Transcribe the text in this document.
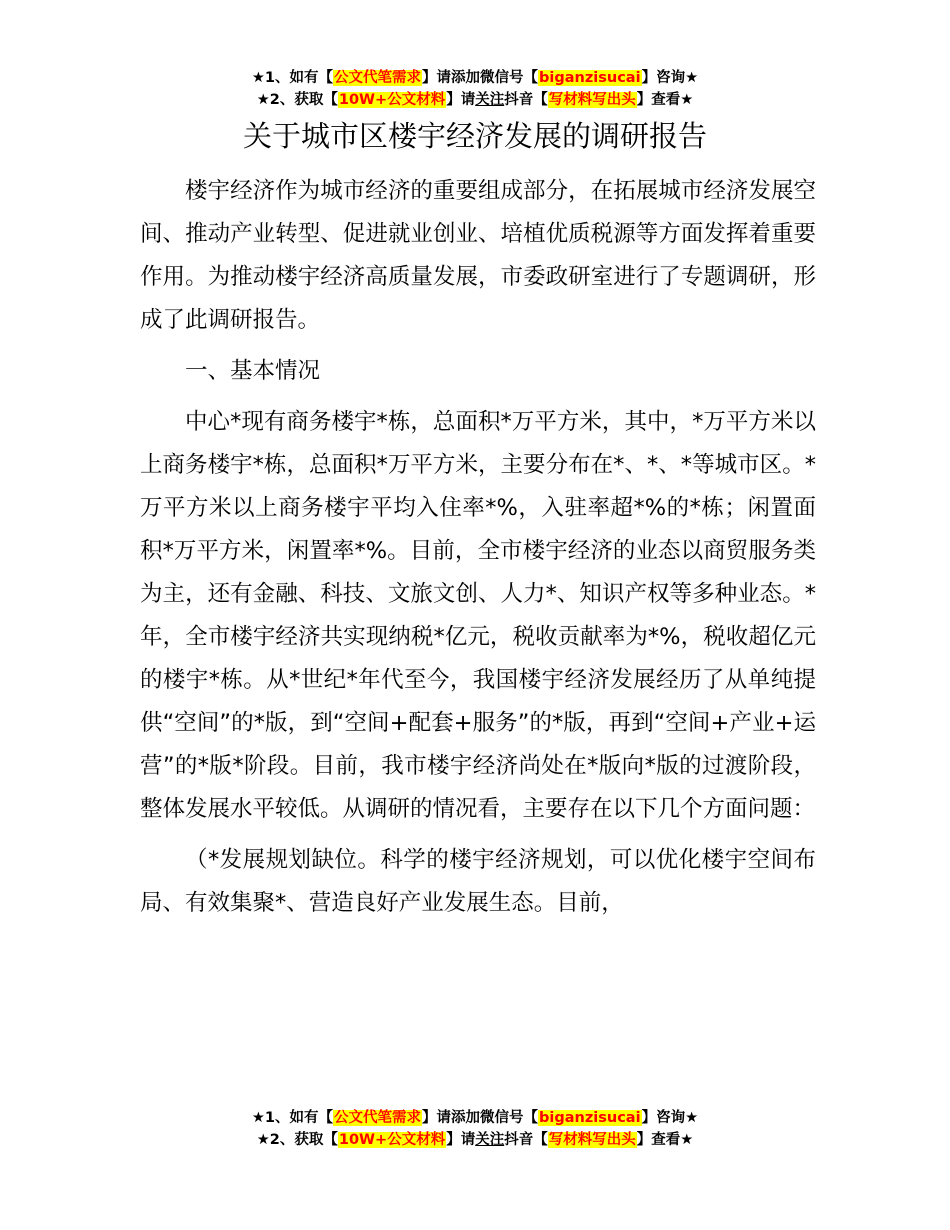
★1、如有【公文代笔需求】请添加微信号【biganzisucai】咨询★
★2、获取【10W+公文材料】请关注抖音【写材料写出头】查看★
关于城市区楼宇经济发展的调研报告

楼宇经济作为城市经济的重要组成部分，在拓展城市经济发展空间、推动产业转型、促进就业创业、培植优质税源等方面发挥着重要作用。为推动楼宇经济高质量发展，市委政研室进行了专题调研，形成了此调研报告。

一、基本情况

中心*现有商务楼宇*栋，总面积*万平方米，其中，*万平方米以上商务楼宇*栋，总面积*万平方米，主要分布在*、*、*等城市区。*万平方米以上商务楼宇平均入住率*%，入驻率超*%的*栋；闲置面积*万平方米，闲置率*%。目前，全市楼宇经济的业态以商贸服务类为主，还有金融、科技、文旅文创、人力*、知识产权等多种业态。*年，全市楼宇经济共实现纳税*亿元，税收贡献率为*%，税收超亿元的楼宇*栋。从*世纪*年代至今，我国楼宇经济发展经历了从单纯提供“空间”的*版，到“空间+配套+服务”的*版，再到“空间+产业+运营”的*版*阶段。目前，我市楼宇经济尚处在*版向*版的过渡阶段，整体发展水平较低。从调研的情况看，主要存在以下几个方面问题：

（*发展规划缺位。科学的楼宇经济规划，可以优化楼宇空间布局、有效集聚*、营造良好产业发展生态。目前，

★1、如有【公文代笔需求】请添加微信号【biganzisucai】咨询★
★2、获取【10W+公文材料】请关注抖音【写材料写出头】查看★
